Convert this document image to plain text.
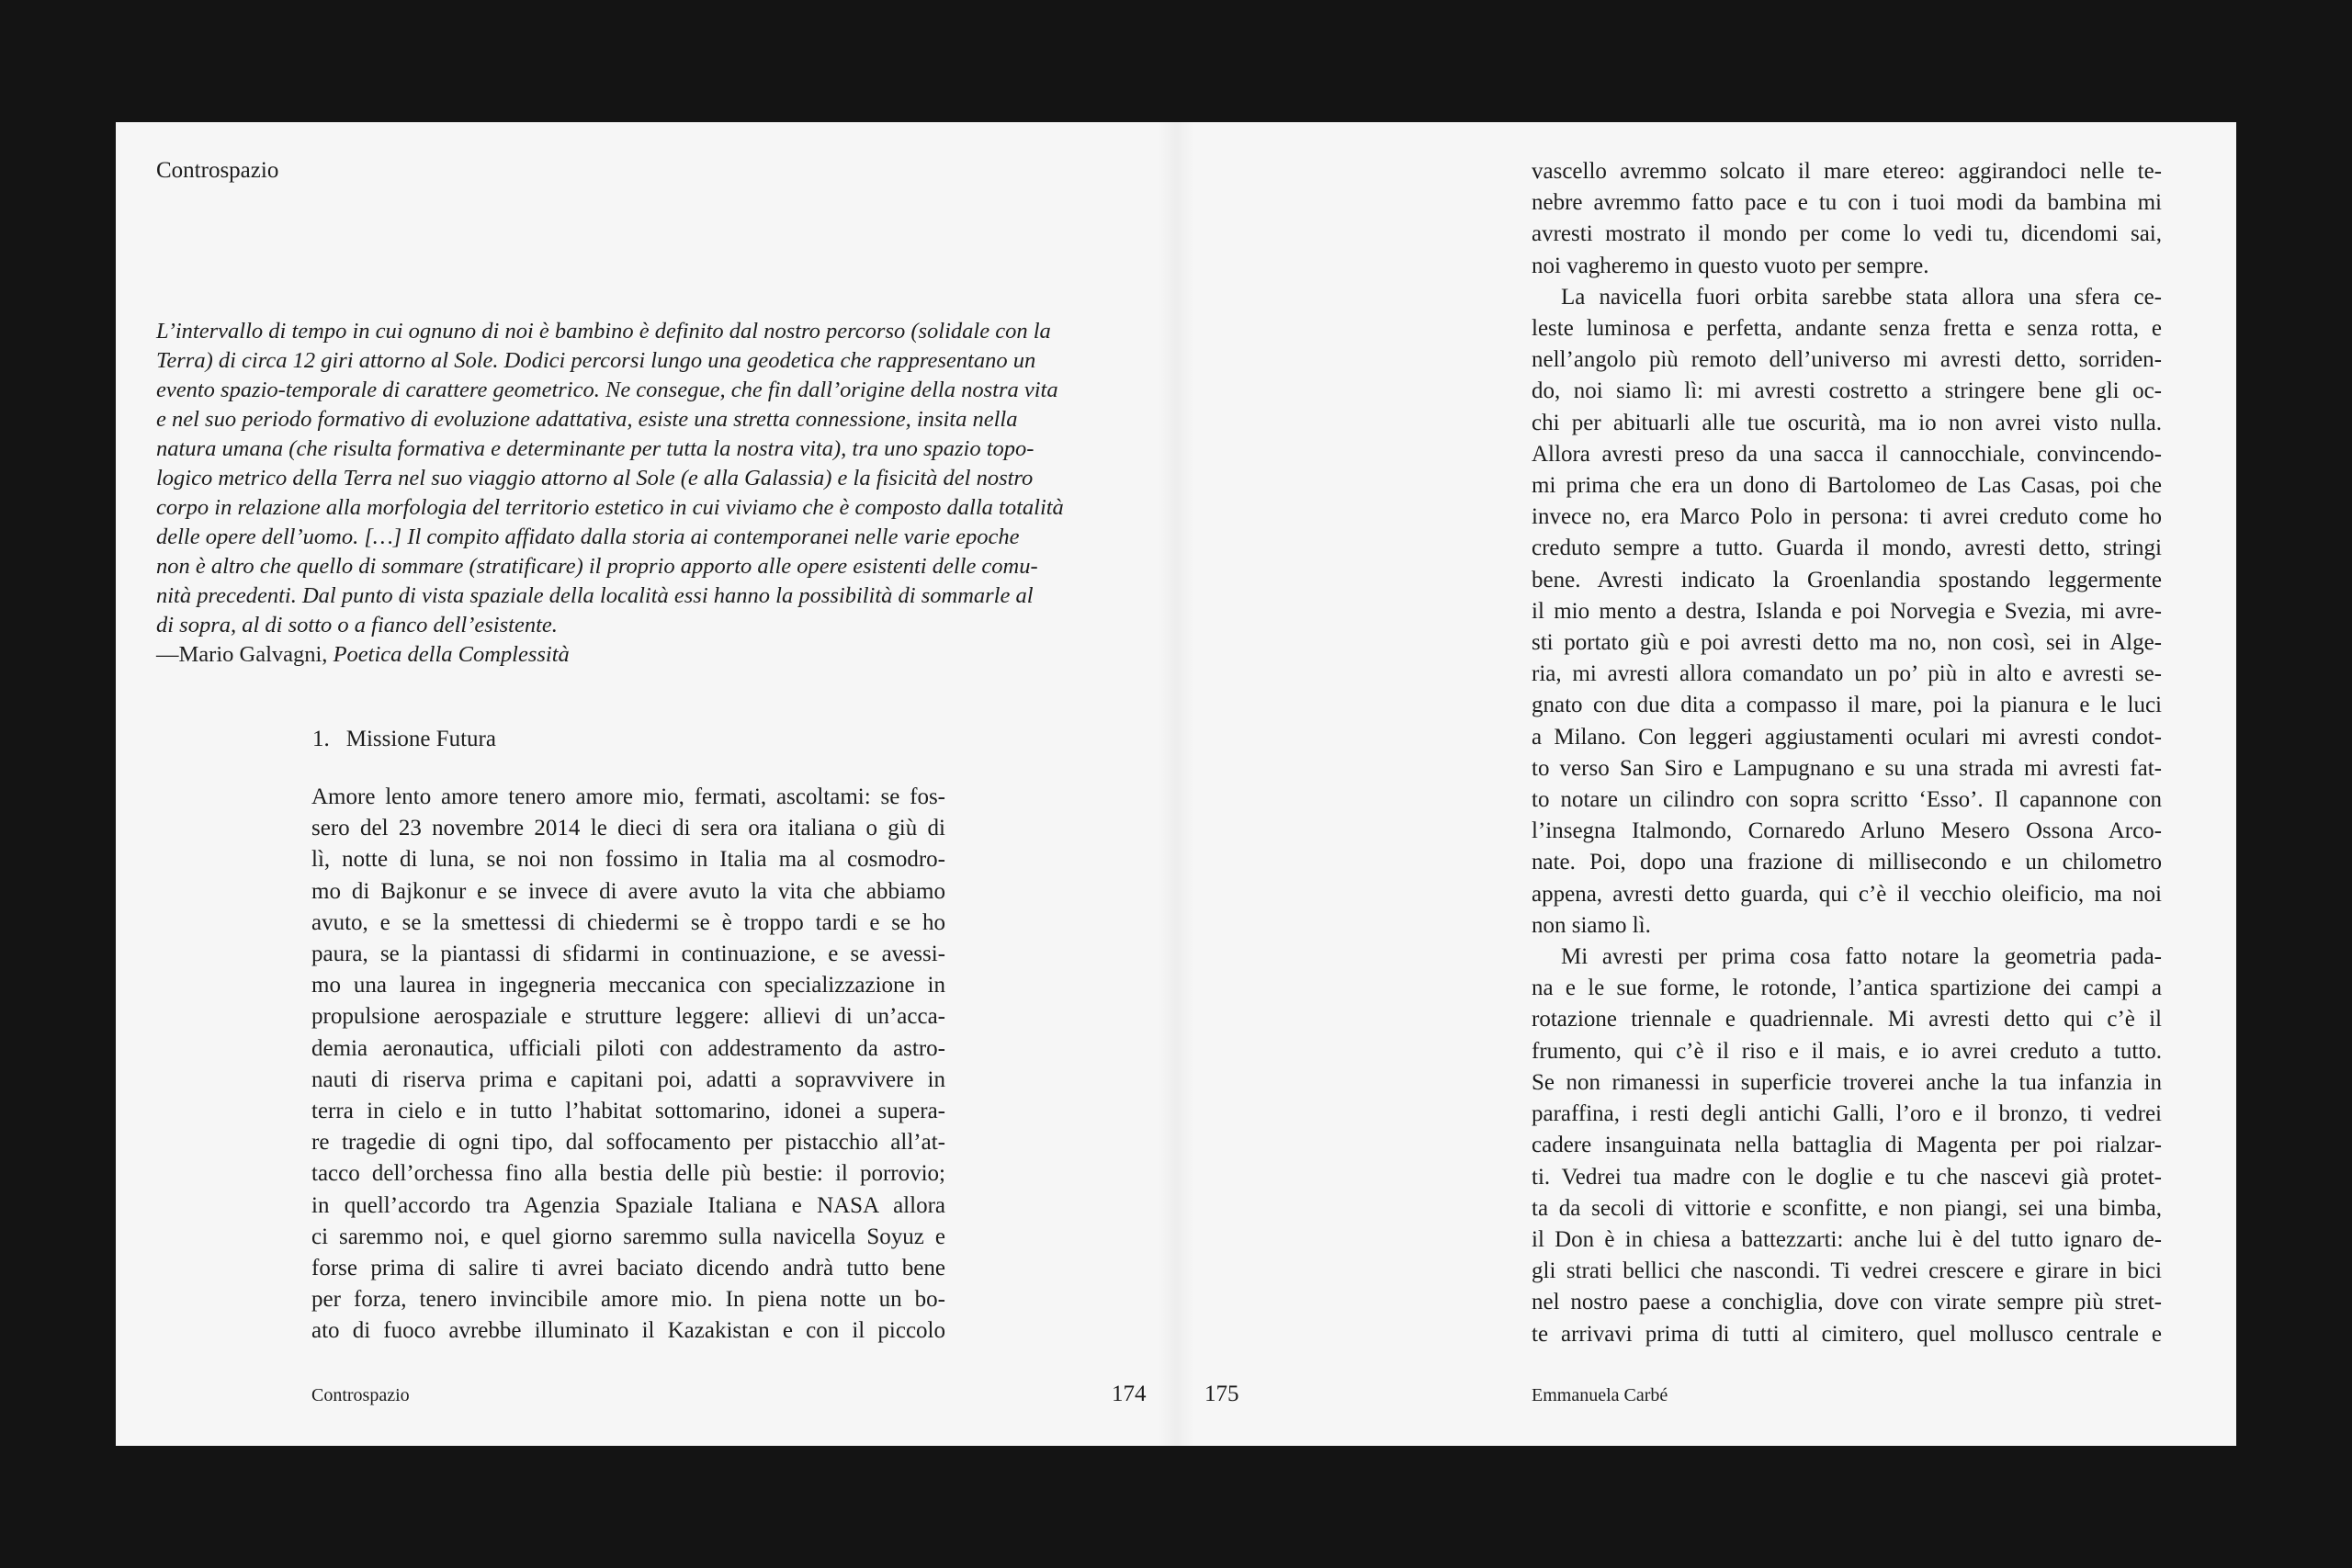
Controspazio
L’intervallo di tempo in cui ognuno di noi è bambino è definito dal nostro percorso (solidale con la
Terra) di circa 12 giri attorno al Sole. Dodici percorsi lungo una geodetica che rappresentano un
evento spazio-temporale di carattere geometrico. Ne consegue, che fin dall’origine della nostra vita
e nel suo periodo formativo di evoluzione adattativa, esiste una stretta connessione, insita nella
natura umana (che risulta formativa e determinante per tutta la nostra vita), tra uno spazio topo-
logico metrico della Terra nel suo viaggio attorno al Sole (e alla Galassia) e la fisicità del nostro
corpo in relazione alla morfologia del territorio estetico in cui viviamo che è composto dalla totalità
delle opere dell’uomo. […] Il compito affidato dalla storia ai contemporanei nelle varie epoche
non è altro che quello di sommare (stratificare) il proprio apporto alle opere esistenti delle comu-
nità precedenti. Dal punto di vista spaziale della località essi hanno la possibilità di sommarle al
di sopra, al di sotto o a fianco dell’esistente.
—Mario Galvagni, Poetica della Complessità
1. Missione Futura
Amore lento amore tenero amore mio, fermati, ascoltami: se fos-
sero del 23 novembre 2014 le dieci di sera ora italiana o giù di
lì, notte di luna, se noi non fossimo in Italia ma al cosmodro-
mo di Bajkonur e se invece di avere avuto la vita che abbiamo
avuto, e se la smettessi di chiedermi se è troppo tardi e se ho
paura, se la piantassi di sfidarmi in continuazione, e se avessi-
mo una laurea in ingegneria meccanica con specializzazione in
propulsione aerospaziale e strutture leggere: allievi di un’acca-
demia aeronautica, ufficiali piloti con addestramento da astro-
nauti di riserva prima e capitani poi, adatti a sopravvivere in
terra in cielo e in tutto l’habitat sottomarino, idonei a supera-
re tragedie di ogni tipo, dal soffocamento per pistacchio all’at-
tacco dell’orchessa fino alla bestia delle più bestie: il porrovio;
in quell’accordo tra Agenzia Spaziale Italiana e NASA allora
ci saremmo noi, e quel giorno saremmo sulla navicella Soyuz e
forse prima di salire ti avrei baciato dicendo andrà tutto bene
per forza, tenero invincibile amore mio. In piena notte un bo-
ato di fuoco avrebbe illuminato il Kazakistan e con il piccolo
Controspazio	174
vascello avremmo solcato il mare etereo: aggirandoci nelle te-
nebre avremmo fatto pace e tu con i tuoi modi da bambina mi
avresti mostrato il mondo per come lo vedi tu, dicendomi sai,
noi vagheremo in questo vuoto per sempre.
La navicella fuori orbita sarebbe stata allora una sfera ce-
leste luminosa e perfetta, andante senza fretta e senza rotta, e
nell’angolo più remoto dell’universo mi avresti detto, sorriden-
do, noi siamo lì: mi avresti costretto a stringere bene gli oc-
chi per abituarli alle tue oscurità, ma io non avrei visto nulla.
Allora avresti preso da una sacca il cannocchiale, convincendo-
mi prima che era un dono di Bartolomeo de Las Casas, poi che
invece no, era Marco Polo in persona: ti avrei creduto come ho
creduto sempre a tutto. Guarda il mondo, avresti detto, stringi
bene. Avresti indicato la Groenlandia spostando leggermente
il mio mento a destra, Islanda e poi Norvegia e Svezia, mi avre-
sti portato giù e poi avresti detto ma no, non così, sei in Alge-
ria, mi avresti allora comandato un po’ più in alto e avresti se-
gnato con due dita a compasso il mare, poi la pianura e le luci
a Milano. Con leggeri aggiustamenti oculari mi avresti condot-
to verso San Siro e Lampugnano e su una strada mi avresti fat-
to notare un cilindro con sopra scritto ‘Esso’. Il capannone con
l’insegna Italmondo, Cornaredo Arluno Mesero Ossona Arco-
nate. Poi, dopo una frazione di millisecondo e un chilometro
appena, avresti detto guarda, qui c’è il vecchio oleificio, ma noi
non siamo lì.
Mi avresti per prima cosa fatto notare la geometria pada-
na e le sue forme, le rotonde, l’antica spartizione dei campi a
rotazione triennale e quadriennale. Mi avresti detto qui c’è il
frumento, qui c’è il riso e il mais, e io avrei creduto a tutto.
Se non rimanessi in superficie troverei anche la tua infanzia in
paraffina, i resti degli antichi Galli, l’oro e il bronzo, ti vedrei
cadere insanguinata nella battaglia di Magenta per poi rialzar-
ti. Vedrei tua madre con le doglie e tu che nascevi già protet-
ta da secoli di vittorie e sconfitte, e non piangi, sei una bimba,
il Don è in chiesa a battezzarti: anche lui è del tutto ignaro de-
gli strati bellici che nascondi. Ti vedrei crescere e girare in bici
nel nostro paese a conchiglia, dove con virate sempre più stret-
te arrivavi prima di tutti al cimitero, quel mollusco centrale e
175	Emmanuela Carbé
